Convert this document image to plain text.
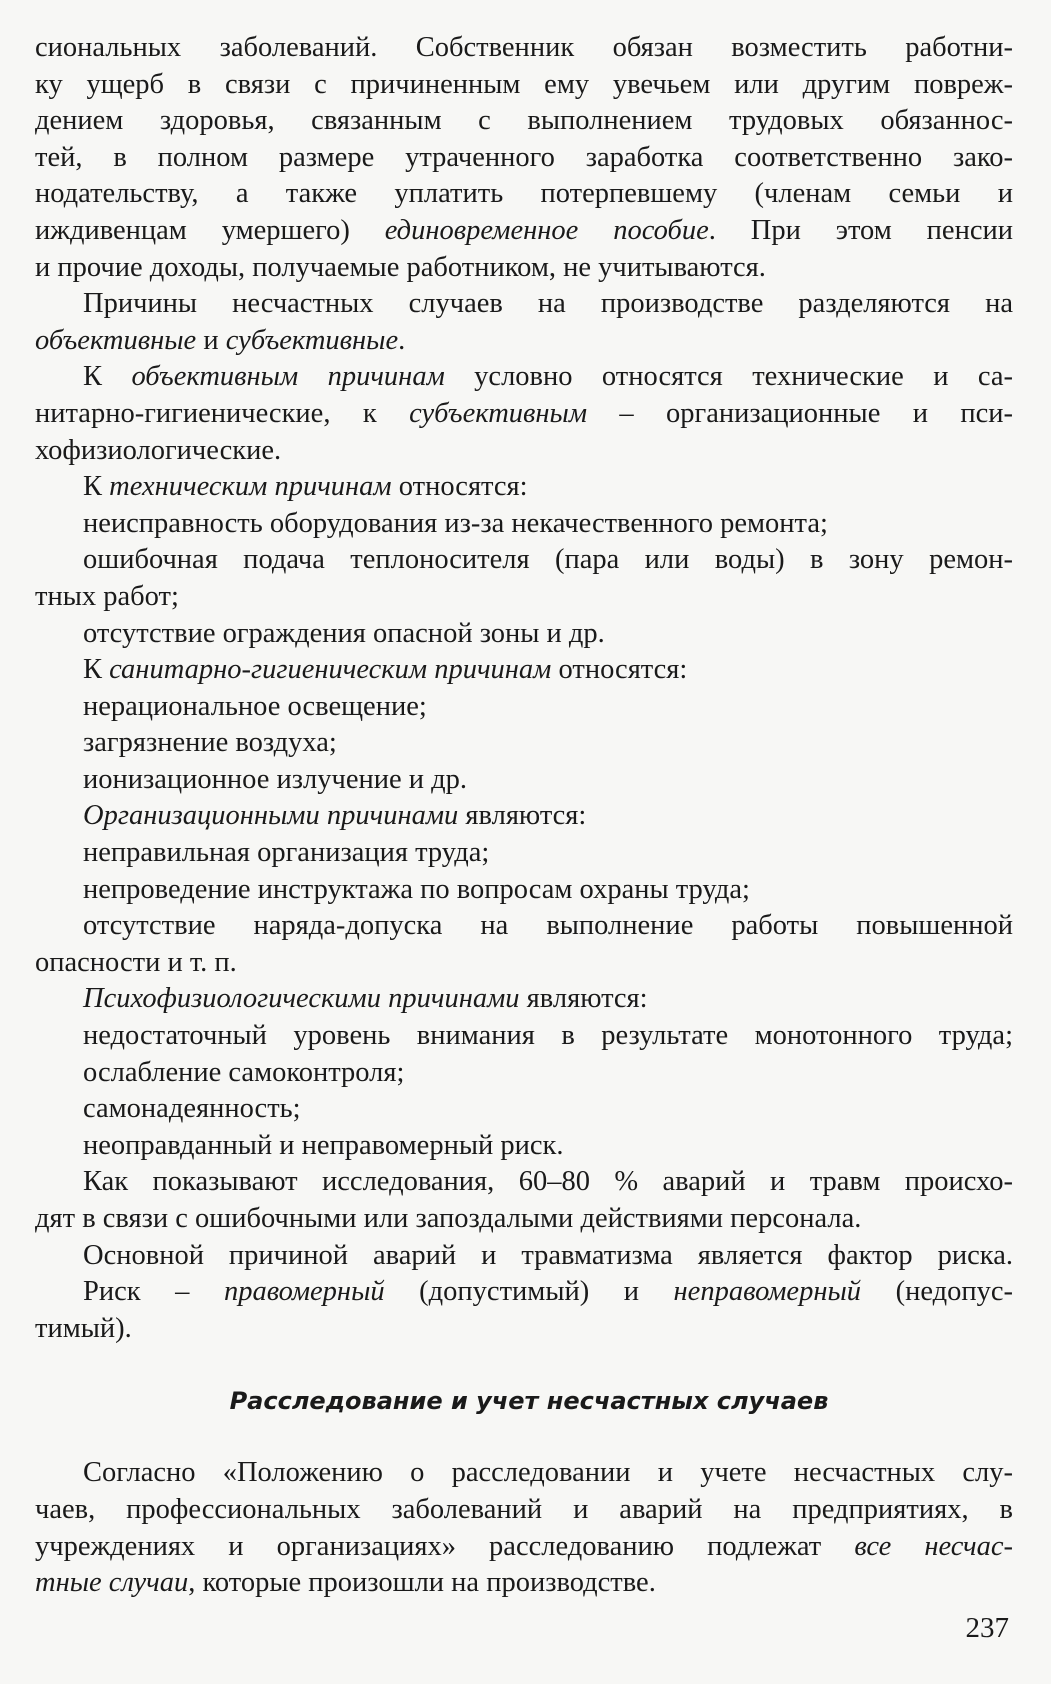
сиональных заболеваний. Собственник обязан возместить работни-

ку ущерб в связи с причиненным ему увечьем или другим повреж-

дением здоровья, связанным с выполнением трудовых обязаннос-

тей, в полном размере утраченного заработка соответственно зако-

нодательству, а также уплатить потерпевшему (членам семьи и

иждивенцам умершего) единовременное пособие. При этом пенсии

и прочие доходы, получаемые работником, не учитываются.

Причины несчастных случаев на производстве разделяются на

объективные и субъективные.

К объективным причинам условно относятся технические и са-

нитарно-гигиенические, к субъективным – организационные и пси-

хофизиологические.

К техническим причинам относятся:

неисправность оборудования из-за некачественного ремонта;

ошибочная подача теплоносителя (пара или воды) в зону ремон-

тных работ;

отсутствие ограждения опасной зоны и др.

К санитарно-гигиеническим причинам относятся:

нерациональное освещение;

загрязнение воздуха;

ионизационное излучение и др.

Организационными причинами являются:

неправильная организация труда;

непроведение инструктажа по вопросам охраны труда;

отсутствие наряда-допуска на выполнение работы повышенной

опасности и т. п.

Психофизиологическими причинами являются:

недостаточный уровень внимания в результате монотонного труда;

ослабление самоконтроля;

самонадеянность;

неоправданный и неправомерный риск.

Как показывают исследования, 60–80 % аварий и травм происхо-

дят в связи с ошибочными или запоздалыми действиями персонала.

Основной причиной аварий и травматизма является фактор риска.

Риск – правомерный (допустимый) и неправомерный (недопус-

тимый).

Расследование и учет несчастных случаев

Согласно «Положению о расследовании и учете несчастных слу-

чаев, профессиональных заболеваний и аварий на предприятиях, в

учреждениях и организациях» расследованию подлежат все несчас-

тные случаи, которые произошли на производстве.

237
